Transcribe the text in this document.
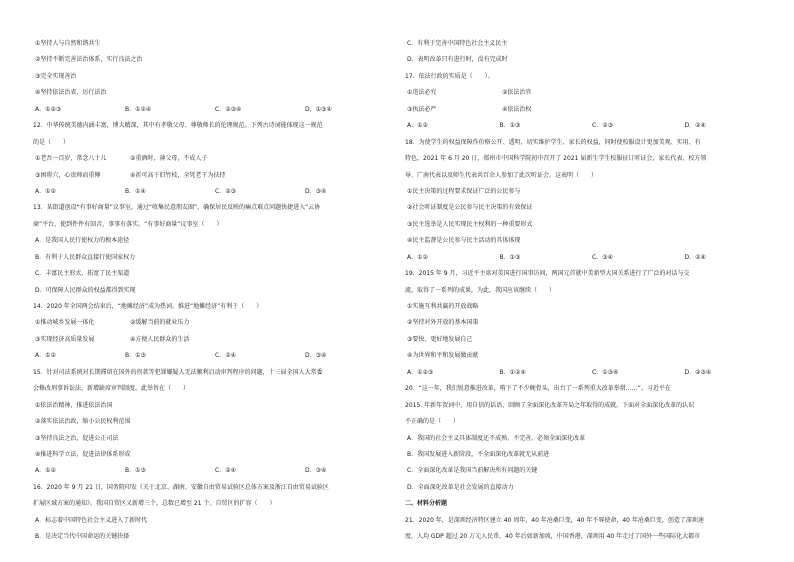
①坚持人与自然和谐共生
②坚持不断完善法治体系，实行良法之治
③完全实现善治
④坚持依法治省、厉行法治
A．①②③	B．①②④	C．②③④	D．①③④
12．中华传统美德内涵丰富，博大精深，其中有孝敬父母、尊敬师长的伦理规范。下列古诗词能体现这一规范
的是（　　）
①老吾一百岁，常念八十儿	②重酒时，薄父母，不成人子
③困将穴，心贵师而重傅	④祈可高于旧竹枝，全凭老干为扶持
A．①②	B．①④	C．②③	D．③④
13．某街道创设“有事好商量”议事室，通过“收集民意朋友圈”，确保居民反映的痛点难点问题快捷进入“云协
商”平台，使到件件有回音，事事有落实。“有事好商量”议事室（　　）
A．是我国人民行使权力的根本途径
B．有利于人民群众直接行使国家权力
C．丰富民主形式，拓宽了民主渠道
D．可保障人民群众的权益都得到实现
14．2020 年全国两会结束后，“地摊经济”成为热词。推进“地摊经济”有利于（　　）
①推动城乡发展一体化	②缓解当前的就业压力
③实现经济高质量发展	④方便人民群众的生活
A．①②	B．①③	C．②④	D．③④
15．针对司法系统对长期滞留在国外的拐款等犯罪嫌疑人无法顺利启动审判程序的问题，十三届全国人大常委
会修改刑事诉讼法，新增缺席审判制度。此举旨在（　　）
①依法治精神，推进依法治国
②落实依法治政，缩小公民权利范围
③坚持良法之治，促进公正司法
④推进科学立法，促进法律体系形成
A．①②	B．①③	C．②④	D．③④
16．2020 年 9 月 21 日，国务院印发《关于北京、湖南、安徽自由贸易试验区总体方案及浙江自由贸易试验区
扩展区域方案的通知》。我国自贸区又新增三个，总数已增至 21 个。自贸区的扩容（　　）
A．标志着中国特色社会主义进入了新时代
B．是决定当代中国命运的关键抉择
C．有利于完善中国特色社会主义民主
D．表明改革只有进行时，没有完成时
17．依法行政的实质是（　　）。
①违法必究	②依法治官
③执法必严	④依法治权
A．①②	B．①③	C．②③	D．②④
18．为使学生的权益保障作价格公开、透明，切实维护学生、家长的权益，同时使校服设计更加美观、实用、有
特色，2021 年 6 月 20 日，郑州市中国科学院初中召开了 2021 届新生学生校服征订听证会，家长代表、校方领
导、广南代表以及师生代表共百余人参加了此次听证会。这表明（　　）
①民主决策的过程要求保证广泛的公民参与
②社会听证制度是公民参与民主决策的有效保证
③民主选举是人民实现民主权利的一种重要形式
④民主监督是公民参与民主活动的具体体现
A．①②	B．①③	C．③④	D．②④
19．2015 年 9 月，习近平主席对美国进行国事访问，两国元首就中美新型大国关系进行了广泛的对话与交
流，取得了一系列的成果。为此，我国应该继续（　　）
①实施互利共赢的开放战略
②坚持对外开放的基本国策
③要快、更好地发展自己
④为世界和平和发展做贡献
A．①②③	B．①②④	C．①③④	D．②③④
20．“这一年，我们锐意推进改革，啃下了不少硬骨头，出台了一系列重大改革举措……”。习近平在
2015. 年新年贺词中，用自信的话语，回顾了全面深化改革开局之年取得的成就。下面对全面深化改革的认识
不正确的是（　　）
A．我国的社会主义具体制度还不成熟、不完善，必须全面深化改革
B．我国发展进入新阶段，不全面深化改革就无从前进
C．全面深化改革是我国当前解决所有问题的关键
D．全面深化改革是社会发展的直接动力
二、材料分析题
21．2020 年，是深圳经济特区建立 40 周年，40 年沧桑巨变，40 年不辱使命，40 年沧桑巨变，创造了深圳速
度，人均 GDP 超过 20 万元人民币，40 年后如新加坡，中国香港，深圳用 40 年走过了国外一些国际化大都市
